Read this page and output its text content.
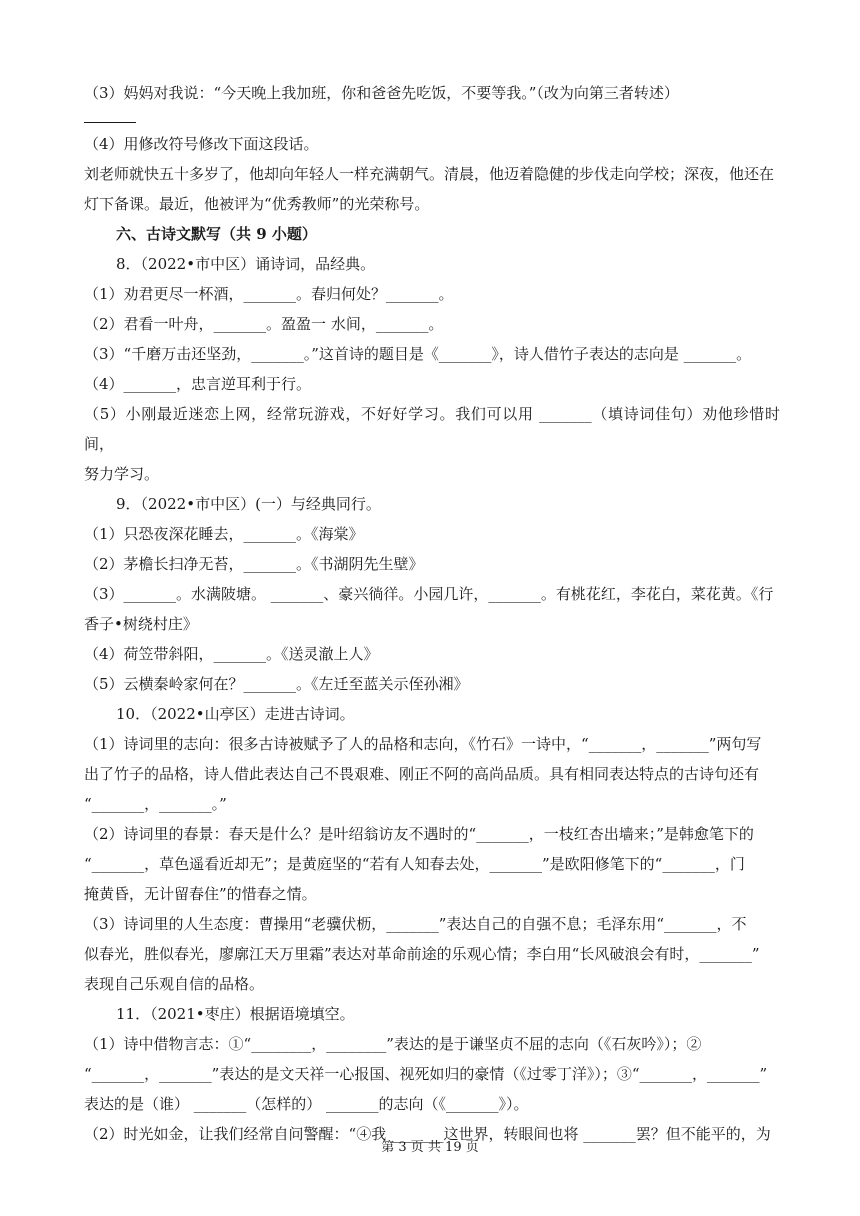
（3）妈妈对我说：“今天晚上我加班，你和爸爸先吃饭，不要等我。”（改为向第三者转述）
（4）用修改符号修改下面这段话。
刘老师就快五十多岁了，他却向年轻人一样充满朝气。清晨，他迈着隐健的步伐走向学校；深夜，他还在
灯下备课。最近，他被评为“优秀教师”的光荣称号。
六、古诗文默写（共 9 小题）
8．（2022•市中区）诵诗词，品经典。
（1）劝君更尽一杯酒，_______。春归何处？_______。
（2）君看一叶舟，_______。盈盈一 水间，_______。
（3）“千磨万击还坚劲，_______。”这首诗的题目是《_______》，诗人借竹子表达的志向是 _______。
（4）_______，忠言逆耳利于行。
（5）小刚最近迷恋上网，经常玩游戏，不好好学习。我们可以用 _______（填诗词佳句）劝他珍惜时间，
努力学习。
9．（2022•市中区）(一）与经典同行。
（1）只恐夜深花睡去，_______。《海棠》
（2）茅檐长扫净无苔，_______。《书湖阴先生壁》
（3）_______。水满陂塘。 _______、豪兴徜徉。小园几许，_______。有桃花红，李花白，菜花黄。《行
香子•树绕村庄》
（4）荷笠带斜阳，_______。《送灵澈上人》
（5）云横秦岭家何在？_______。《左迁至蓝关示侄孙湘》
10．（2022•山亭区）走进古诗词。
（1）诗词里的志向：很多古诗被赋予了人的品格和志向，《竹石》一诗中，“_______，_______”两句写
出了竹子的品格，诗人借此表达自己不畏艰难、刚正不阿的高尚品质。具有相同表达特点的古诗句还有
“_______，_______。”
（2）诗词里的春景：春天是什么？是叶绍翁访友不遇时的“_______，一枝红杏出墙来；”是韩愈笔下的
“_______，草色遥看近却无”；是黄庭坚的“若有人知春去处，_______”是欧阳修笔下的“_______，门
掩黄昏，无计留春住”的惜春之情。
（3）诗词里的人生态度：曹操用“老骥伏枥，_______”表达自己的自强不息；毛泽东用“_______，不
似春光，胜似春光，廖廓江天万里霜”表达对革命前途的乐观心情；李白用“长风破浪会有时，_______”
表现自己乐观自信的品格。
11．（2021•枣庄）根据语境填空。
（1）诗中借物言志：①“________，________”表达的是于谦坚贞不屈的志向（《石灰吟》）；②
“_______，_______”表达的是文天祥一心报国、视死如归的豪情（《过零丁洋》）；③“_______，_______”
表达的是（谁） _______（怎样的） _______的志向（《_______》）。
（2）时光如金，让我们经常自问警醒：“④我 _______这世界，转眼间也将 _______罢？但不能平的，为
第 3 页 共 19 页
